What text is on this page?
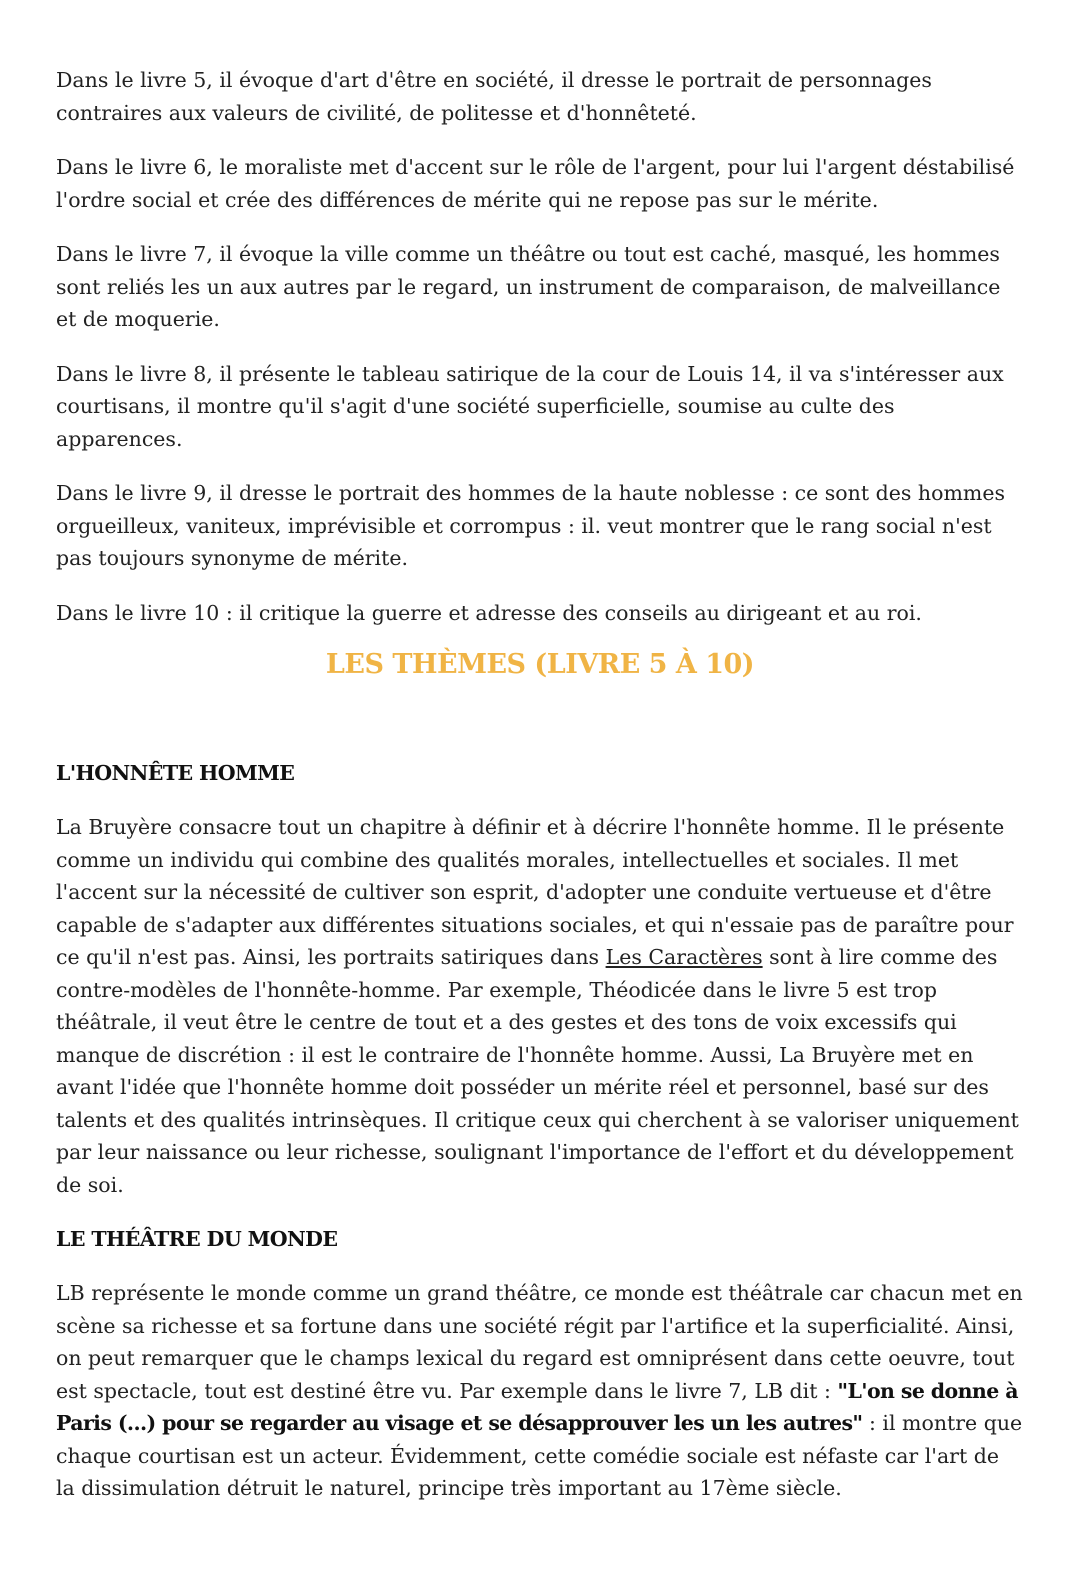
Dans le livre 5, il évoque d'art d'être en société, il dresse le portrait de personnages contraires aux valeurs de civilité, de politesse et d'honnêteté.

Dans le livre 6, le moraliste met d'accent sur le rôle de l'argent, pour lui l'argent déstabilisé l'ordre social et crée des différences de mérite qui ne repose pas sur le mérite.

Dans le livre 7, il évoque la ville comme un théâtre ou tout est caché, masqué, les hommes sont reliés les un aux autres par le regard, un instrument de comparaison, de malveillance et de moquerie.

Dans le livre 8, il présente le tableau satirique de la cour de Louis 14, il va s'intéresser aux courtisans, il montre qu'il s'agit d'une société superficielle, soumise au culte des apparences.

Dans le livre 9, il dresse le portrait des hommes de la haute noblesse : ce sont des hommes orgueilleux, vaniteux, imprévisible et corrompus : il. veut montrer que le rang social n'est pas toujours synonyme de mérite.

Dans le livre 10 : il critique la guerre et adresse des conseils au dirigeant et au roi.

LES THÈMES (LIVRE 5 À 10)
L'HONNÊTE HOMME

La Bruyère consacre tout un chapitre à définir et à décrire l'honnête homme. Il le présente comme un individu qui combine des qualités morales, intellectuelles et sociales. Il met l'accent sur la nécessité de cultiver son esprit, d'adopter une conduite vertueuse et d'être capable de s'adapter aux différentes situations sociales, et qui n'essaie pas de paraître pour ce qu'il n'est pas. Ainsi, les portraits satiriques dans Les Caractères sont à lire comme des contre-modèles de l'honnête-homme. Par exemple, Théodicée dans le livre 5 est trop théâtrale, il veut être le centre de tout et a des gestes et des tons de voix excessifs qui manque de discrétion : il est le contraire de l'honnête homme. Aussi, La Bruyère met en avant l'idée que l'honnête homme doit posséder un mérite réel et personnel, basé sur des talents et des qualités intrinsèques. Il critique ceux qui cherchent à se valoriser uniquement par leur naissance ou leur richesse, soulignant l'importance de l'effort et du développement de soi.

LE THÉÂTRE DU MONDE

LB représente le monde comme un grand théâtre, ce monde est théâtrale car chacun met en scène sa richesse et sa fortune dans une société régit par l'artifice et la superficialité. Ainsi, on peut remarquer que le champs lexical du regard est omniprésent dans cette oeuvre, tout est spectacle, tout est destiné être vu. Par exemple dans le livre 7, LB dit : "L'on se donne à Paris (...) pour se regarder au visage et se désapprouver les un les autres" : il montre que chaque courtisan est un acteur. Évidemment, cette comédie sociale est néfaste car l'art de la dissimulation détruit le naturel, principe très important au 17ème siècle.
